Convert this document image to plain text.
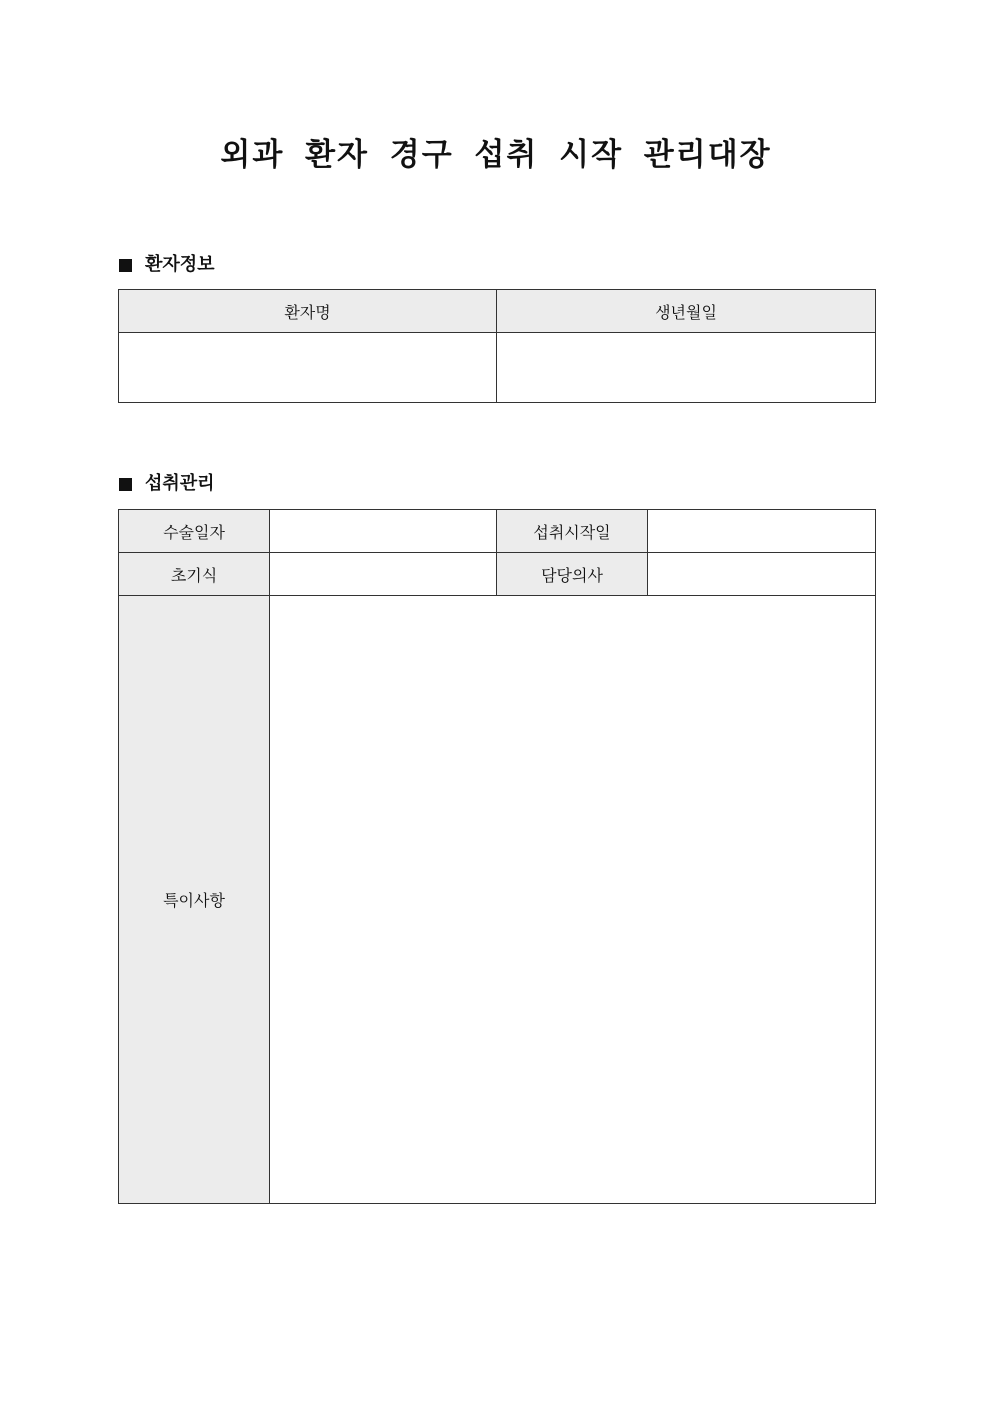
외과 환자 경구 섭취 시작 관리대장
환자정보
환자명	생년월일

섭취관리
수술일자		섭취시작일	
초기식		담당의사	
특이사항			
